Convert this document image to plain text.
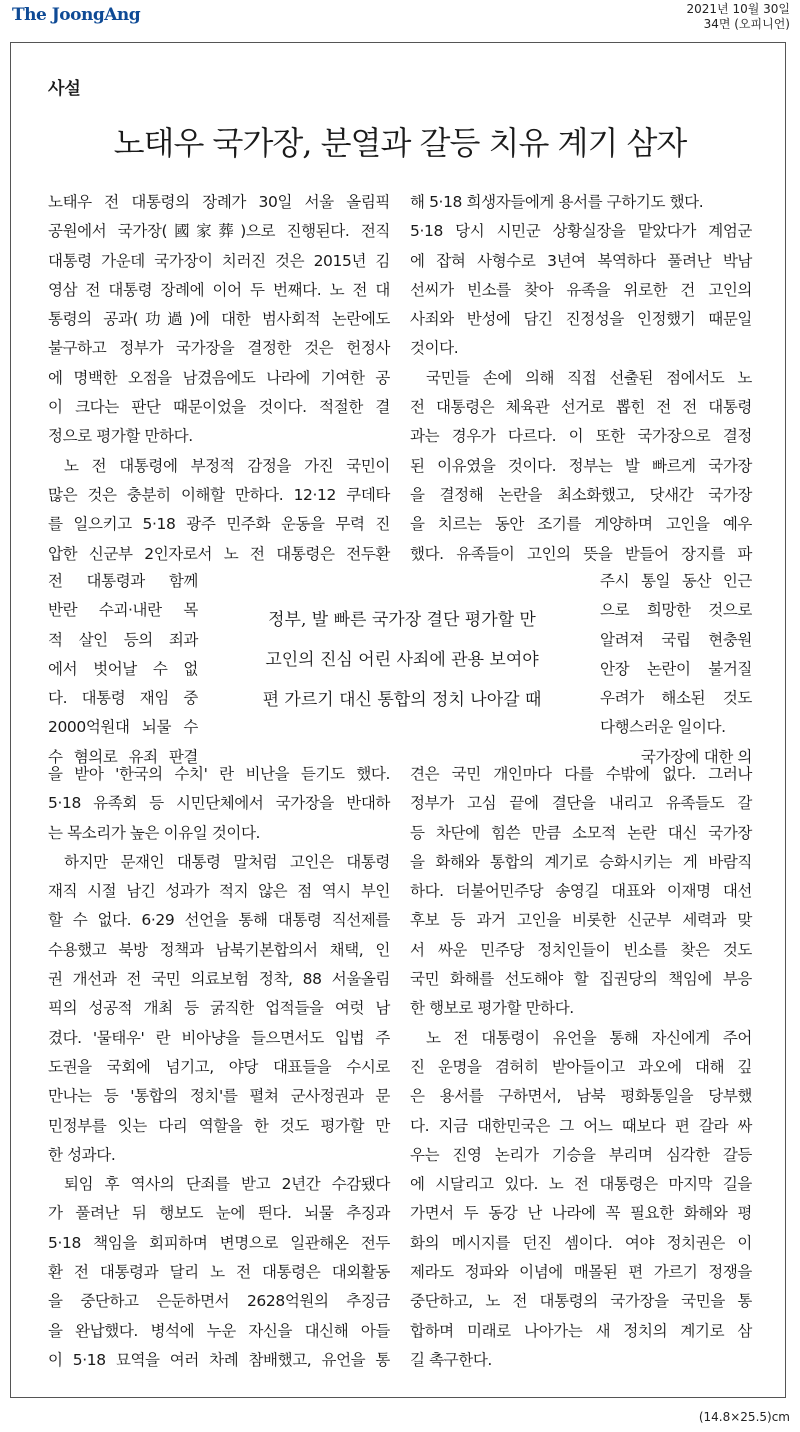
The JoongAng	2021년 10월 30일
34면 (오피니언)
사설
노태우 국가장, 분열과 갈등 치유 계기 삼자
노태우 전 대통령의 장례가 30일 서울 올림픽
공원에서 국가장(國家葬)으로 진행된다. 전직
대통령 가운데 국가장이 치러진 것은 2015년 김
영삼 전 대통령 장례에 이어 두 번째다. 노 전 대
통령의 공과(功過)에 대한 범사회적 논란에도
불구하고 정부가 국가장을 결정한 것은 헌정사
에 명백한 오점을 남겼음에도 나라에 기여한 공
이 크다는 판단 때문이었을 것이다. 적절한 결
정으로 평가할 만하다.
노 전 대통령에 부정적 감정을 가진 국민이
많은 것은 충분히 이해할 만하다. 12·12 쿠데타
를 일으키고 5·18 광주 민주화 운동을 무력 진
압한 신군부 2인자로서 노 전 대통령은 전두환
해 5·18 희생자들에게 용서를 구하기도 했다.
5·18 당시 시민군 상황실장을 맡았다가 계엄군
에 잡혀 사형수로 3년여 복역하다 풀려난 박남
선씨가 빈소를 찾아 유족을 위로한 건 고인의
사죄와 반성에 담긴 진정성을 인정했기 때문일
것이다.
국민들 손에 의해 직접 선출된 점에서도 노
전 대통령은 체육관 선거로 뽑힌 전 전 대통령
과는 경우가 다르다. 이 또한 국가장으로 결정
된 이유였을 것이다. 정부는 발 빠르게 국가장
을 결정해 논란을 최소화했고, 닷새간 국가장
을 치르는 동안 조기를 게양하며 고인을 예우
했다. 유족들이 고인의 뜻을 받들어 장지를 파
전 대통령과 함께
반란 수괴·내란 목
적 살인 등의 죄과
에서 벗어날 수 없
다. 대통령 재임 중
2000억원대 뇌물 수
수 혐의로 유죄 판결
주시 통일 동산 인근
으로 희망한 것으로
알려져 국립 현충원
안장 논란이 불거질
우려가 해소된 것도
다행스러운 일이다.
국가장에 대한 의
을 받아 '한국의 수치' 란 비난을 듣기도 했다.
5·18 유족회 등 시민단체에서 국가장을 반대하
는 목소리가 높은 이유일 것이다.
하지만 문재인 대통령 말처럼 고인은 대통령
재직 시절 남긴 성과가 적지 않은 점 역시 부인
할 수 없다. 6·29 선언을 통해 대통령 직선제를
수용했고 북방 정책과 남북기본합의서 채택, 인
권 개선과 전 국민 의료보험 정착, 88 서울올림
픽의 성공적 개최 등 굵직한 업적들을 여럿 남
겼다. '물태우' 란 비아냥을 들으면서도 입법 주
도권을 국회에 넘기고, 야당 대표들을 수시로
만나는 등 '통합의 정치'를 펼쳐 군사정권과 문
민정부를 잇는 다리 역할을 한 것도 평가할 만
한 성과다.
퇴임 후 역사의 단죄를 받고 2년간 수감됐다
가 풀려난 뒤 행보도 눈에 띈다. 뇌물 추징과
5·18 책임을 회피하며 변명으로 일관해온 전두
환 전 대통령과 달리 노 전 대통령은 대외활동
을 중단하고 은둔하면서 2628억원의 추징금
을 완납했다. 병석에 누운 자신을 대신해 아들
이 5·18 묘역을 여러 차례 참배했고, 유언을 통
견은 국민 개인마다 다를 수밖에 없다. 그러나
정부가 고심 끝에 결단을 내리고 유족들도 갈
등 차단에 힘쓴 만큼 소모적 논란 대신 국가장
을 화해와 통합의 계기로 승화시키는 게 바람직
하다. 더불어민주당 송영길 대표와 이재명 대선
후보 등 과거 고인을 비롯한 신군부 세력과 맞
서 싸운 민주당 정치인들이 빈소를 찾은 것도
국민 화해를 선도해야 할 집권당의 책임에 부응
한 행보로 평가할 만하다.
노 전 대통령이 유언을 통해 자신에게 주어
진 운명을 겸허히 받아들이고 과오에 대해 깊
은 용서를 구하면서, 남북 평화통일을 당부했
다. 지금 대한민국은 그 어느 때보다 편 갈라 싸
우는 진영 논리가 기승을 부리며 심각한 갈등
에 시달리고 있다. 노 전 대통령은 마지막 길을
가면서 두 동강 난 나라에 꼭 필요한 화해와 평
화의 메시지를 던진 셈이다. 여야 정치권은 이
제라도 정파와 이념에 매몰된 편 가르기 정쟁을
중단하고, 노 전 대통령의 국가장을 국민을 통
합하며 미래로 나아가는 새 정치의 계기로 삼
길 촉구한다.
정부, 발 빠른 국가장 결단 평가할 만
고인의 진심 어린 사죄에 관용 보여야
편 가르기 대신 통합의 정치 나아갈 때
(14.8×25.5)cm
